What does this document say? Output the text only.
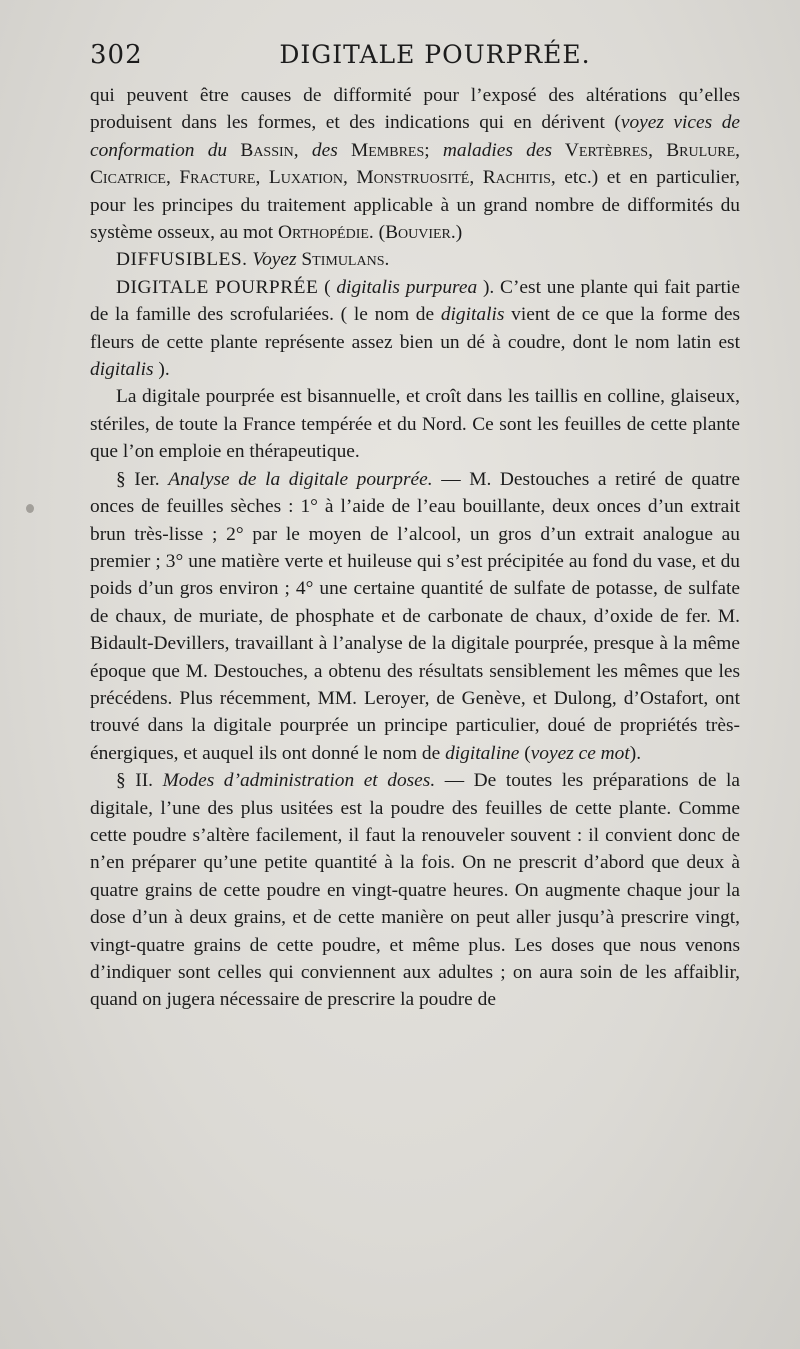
302	DIGITALE POURPRÉE.

qui peuvent être causes de difformité pour l’exposé des altérations qu’elles produisent dans les formes, et des indications qui en dérivent (voyez vices de conformation du Bassin, des Membres; maladies des Vertèbres, Brulure, Cicatrice, Fracture, Luxation, Monstruosité, Rachitis, etc.) et en particulier, pour les principes du traitement applicable à un grand nombre de difformités du système osseux, au mot Orthopédie. (Bouvier.)

DIFFUSIBLES. Voyez Stimulans.

DIGITALE POURPRÉE ( digitalis purpurea ). C’est une plante qui fait partie de la famille des scrofulariées. ( le nom de digitalis vient de ce que la forme des fleurs de cette plante représente assez bien un dé à coudre, dont le nom latin est digitalis ).

La digitale pourprée est bisannuelle, et croît dans les taillis en colline, glaiseux, stériles, de toute la France tempérée et du Nord. Ce sont les feuilles de cette plante que l’on emploie en thérapeutique.

§ Ier. Analyse de la digitale pourprée. — M. Destouches a retiré de quatre onces de feuilles sèches : 1° à l’aide de l’eau bouillante, deux onces d’un extrait brun très-lisse ; 2° par le moyen de l’alcool, un gros d’un extrait analogue au premier ; 3° une matière verte et huileuse qui s’est précipitée au fond du vase, et du poids d’un gros environ ; 4° une certaine quantité de sulfate de potasse, de sulfate de chaux, de muriate, de phosphate et de carbonate de chaux, d’oxide de fer. M. Bidault-Devillers, travaillant à l’analyse de la digitale pourprée, presque à la même époque que M. Destouches, a obtenu des résultats sensiblement les mêmes que les précédens. Plus récemment, MM. Leroyer, de Genève, et Dulong, d’Ostafort, ont trouvé dans la digitale pourprée un principe particulier, doué de propriétés très-énergiques, et auquel ils ont donné le nom de digitaline (voyez ce mot).

§ II. Modes d’administration et doses. — De toutes les préparations de la digitale, l’une des plus usitées est la poudre des feuilles de cette plante. Comme cette poudre s’altère facilement, il faut la renouveler souvent : il convient donc de n’en préparer qu’une petite quantité à la fois. On ne prescrit d’abord que deux à quatre grains de cette poudre en vingt-quatre heures. On augmente chaque jour la dose d’un à deux grains, et de cette manière on peut aller jusqu’à prescrire vingt, vingt-quatre grains de cette poudre, et même plus. Les doses que nous venons d’indiquer sont celles qui conviennent aux adultes ; on aura soin de les affaiblir, quand on jugera nécessaire de prescrire la poudre de
